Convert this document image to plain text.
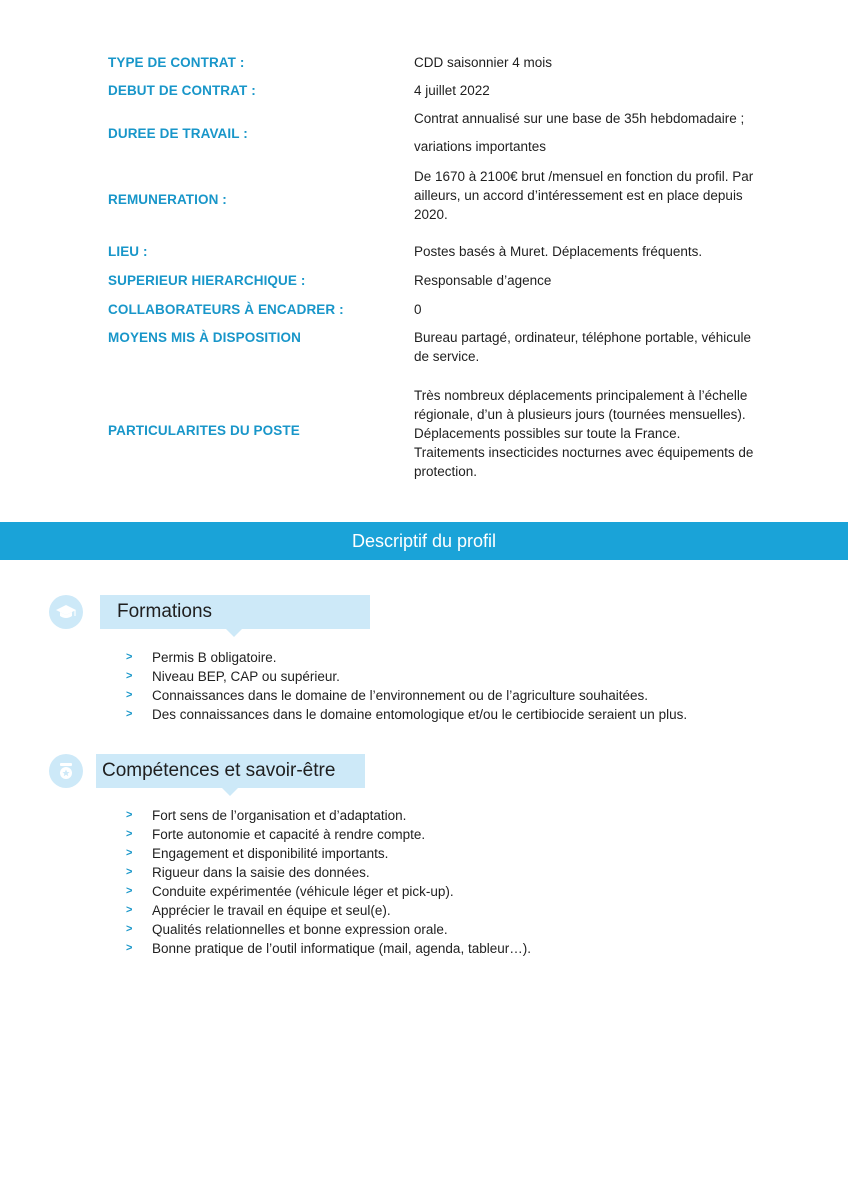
TYPE DE CONTRAT :	CDD saisonnier 4 mois
DEBUT DE CONTRAT :	4 juillet 2022
DUREE DE TRAVAIL :
Contrat annualisé sur une base de 35h hebdomadaire ;
variations importantes
REMUNERATION :
De 1670 à 2100€ brut /mensuel en fonction du profil. Par
ailleurs, un accord d’intéressement est en place depuis
2020.
LIEU :	Postes basés à Muret. Déplacements fréquents.
SUPERIEUR HIERARCHIQUE :	Responsable d’agence
COLLABORATEURS À ENCADRER :	0
MOYENS MIS À DISPOSITION	Bureau partagé, ordinateur, téléphone portable, véhicule
de service.
PARTICULARITES DU POSTE
Très nombreux déplacements principalement à l’échelle
régionale, d’un à plusieurs jours (tournées mensuelles).
Déplacements possibles sur toute la France.
Traitements insecticides nocturnes avec équipements de
protection.
Descriptif du profil
Formations
> Permis B obligatoire.
> Niveau BEP, CAP ou supérieur.
> Connaissances dans le domaine de l’environnement ou de l’agriculture souhaitées.
> Des connaissances dans le domaine entomologique et/ou le certibiocide seraient un plus.
Compétences et savoir-être
> Fort sens de l’organisation et d’adaptation.
> Forte autonomie et capacité à rendre compte.
> Engagement et disponibilité importants.
> Rigueur dans la saisie des données.
> Conduite expérimentée (véhicule léger et pick-up).
> Apprécier le travail en équipe et seul(e).
> Qualités relationnelles et bonne expression orale.
> Bonne pratique de l’outil informatique (mail, agenda, tableur…).
